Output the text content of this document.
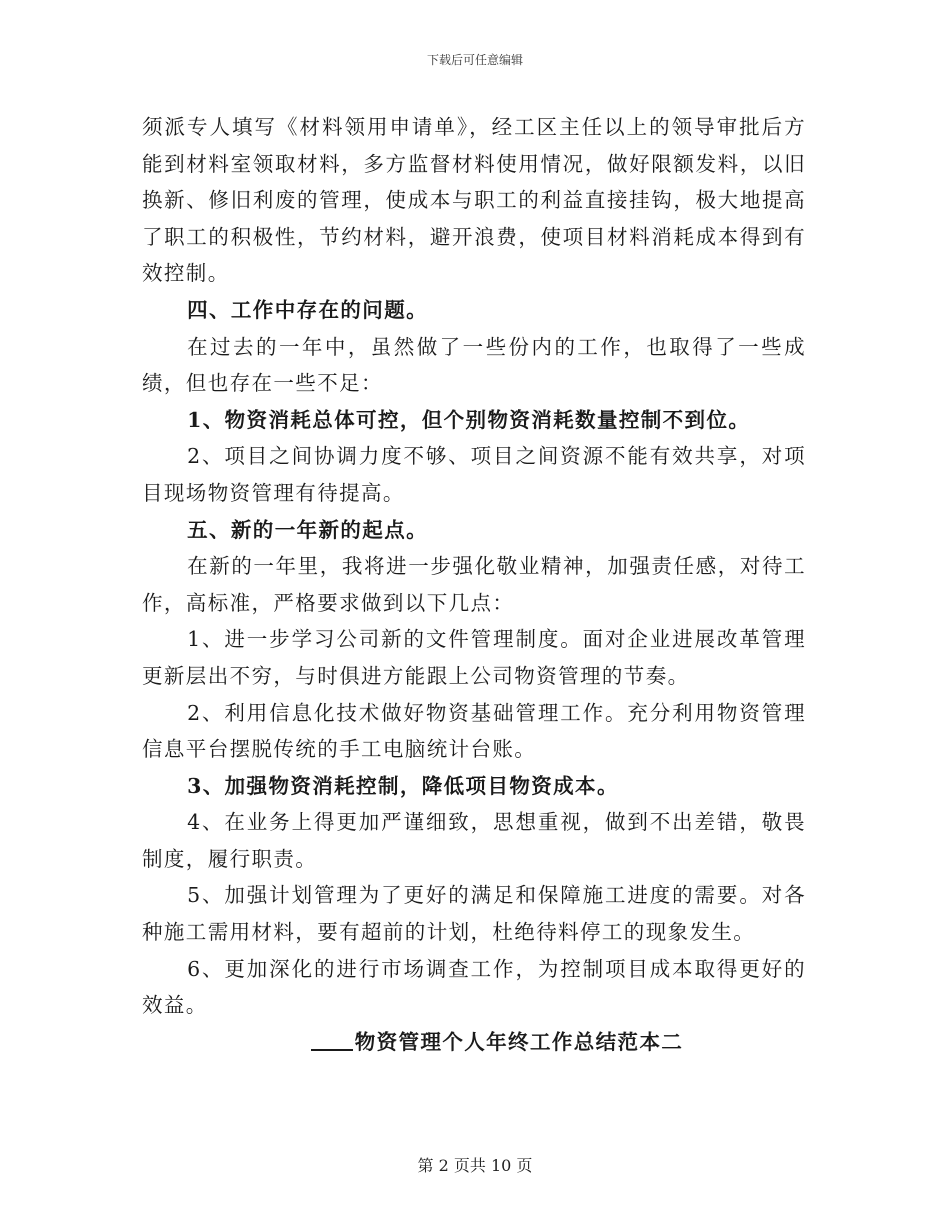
下载后可任意编辑

须派专人填写《材料领用申请单》，经工区主任以上的领导审批后方能到材料室领取材料，多方监督材料使用情况，做好限额发料，以旧换新、修旧利废的管理，使成本与职工的利益直接挂钩，极大地提高了职工的积极性，节约材料，避开浪费，使项目材料消耗成本得到有效控制。

四、工作中存在的问题。

在过去的一年中，虽然做了一些份内的工作，也取得了一些成绩，但也存在一些不足：

1、物资消耗总体可控，但个别物资消耗数量控制不到位。

2、项目之间协调力度不够、项目之间资源不能有效共享，对项目现场物资管理有待提高。

五、新的一年新的起点。

在新的一年里，我将进一步强化敬业精神，加强责任感，对待工作，高标准，严格要求做到以下几点：

1、进一步学习公司新的文件管理制度。面对企业进展改革管理更新层出不穷，与时俱进方能跟上公司物资管理的节奏。

2、利用信息化技术做好物资基础管理工作。充分利用物资管理信息平台摆脱传统的手工电脑统计台账。

3、加强物资消耗控制，降低项目物资成本。

4、在业务上得更加严谨细致，思想重视，做到不出差错，敬畏制度，履行职责。

5、加强计划管理为了更好的满足和保障施工进度的需要。对各种施工需用材料，要有超前的计划，杜绝待料停工的现象发生。

6、更加深化的进行市场调查工作，为控制项目成本取得更好的效益。

物资管理个人年终工作总结范本二

第 2 页共 10 页
